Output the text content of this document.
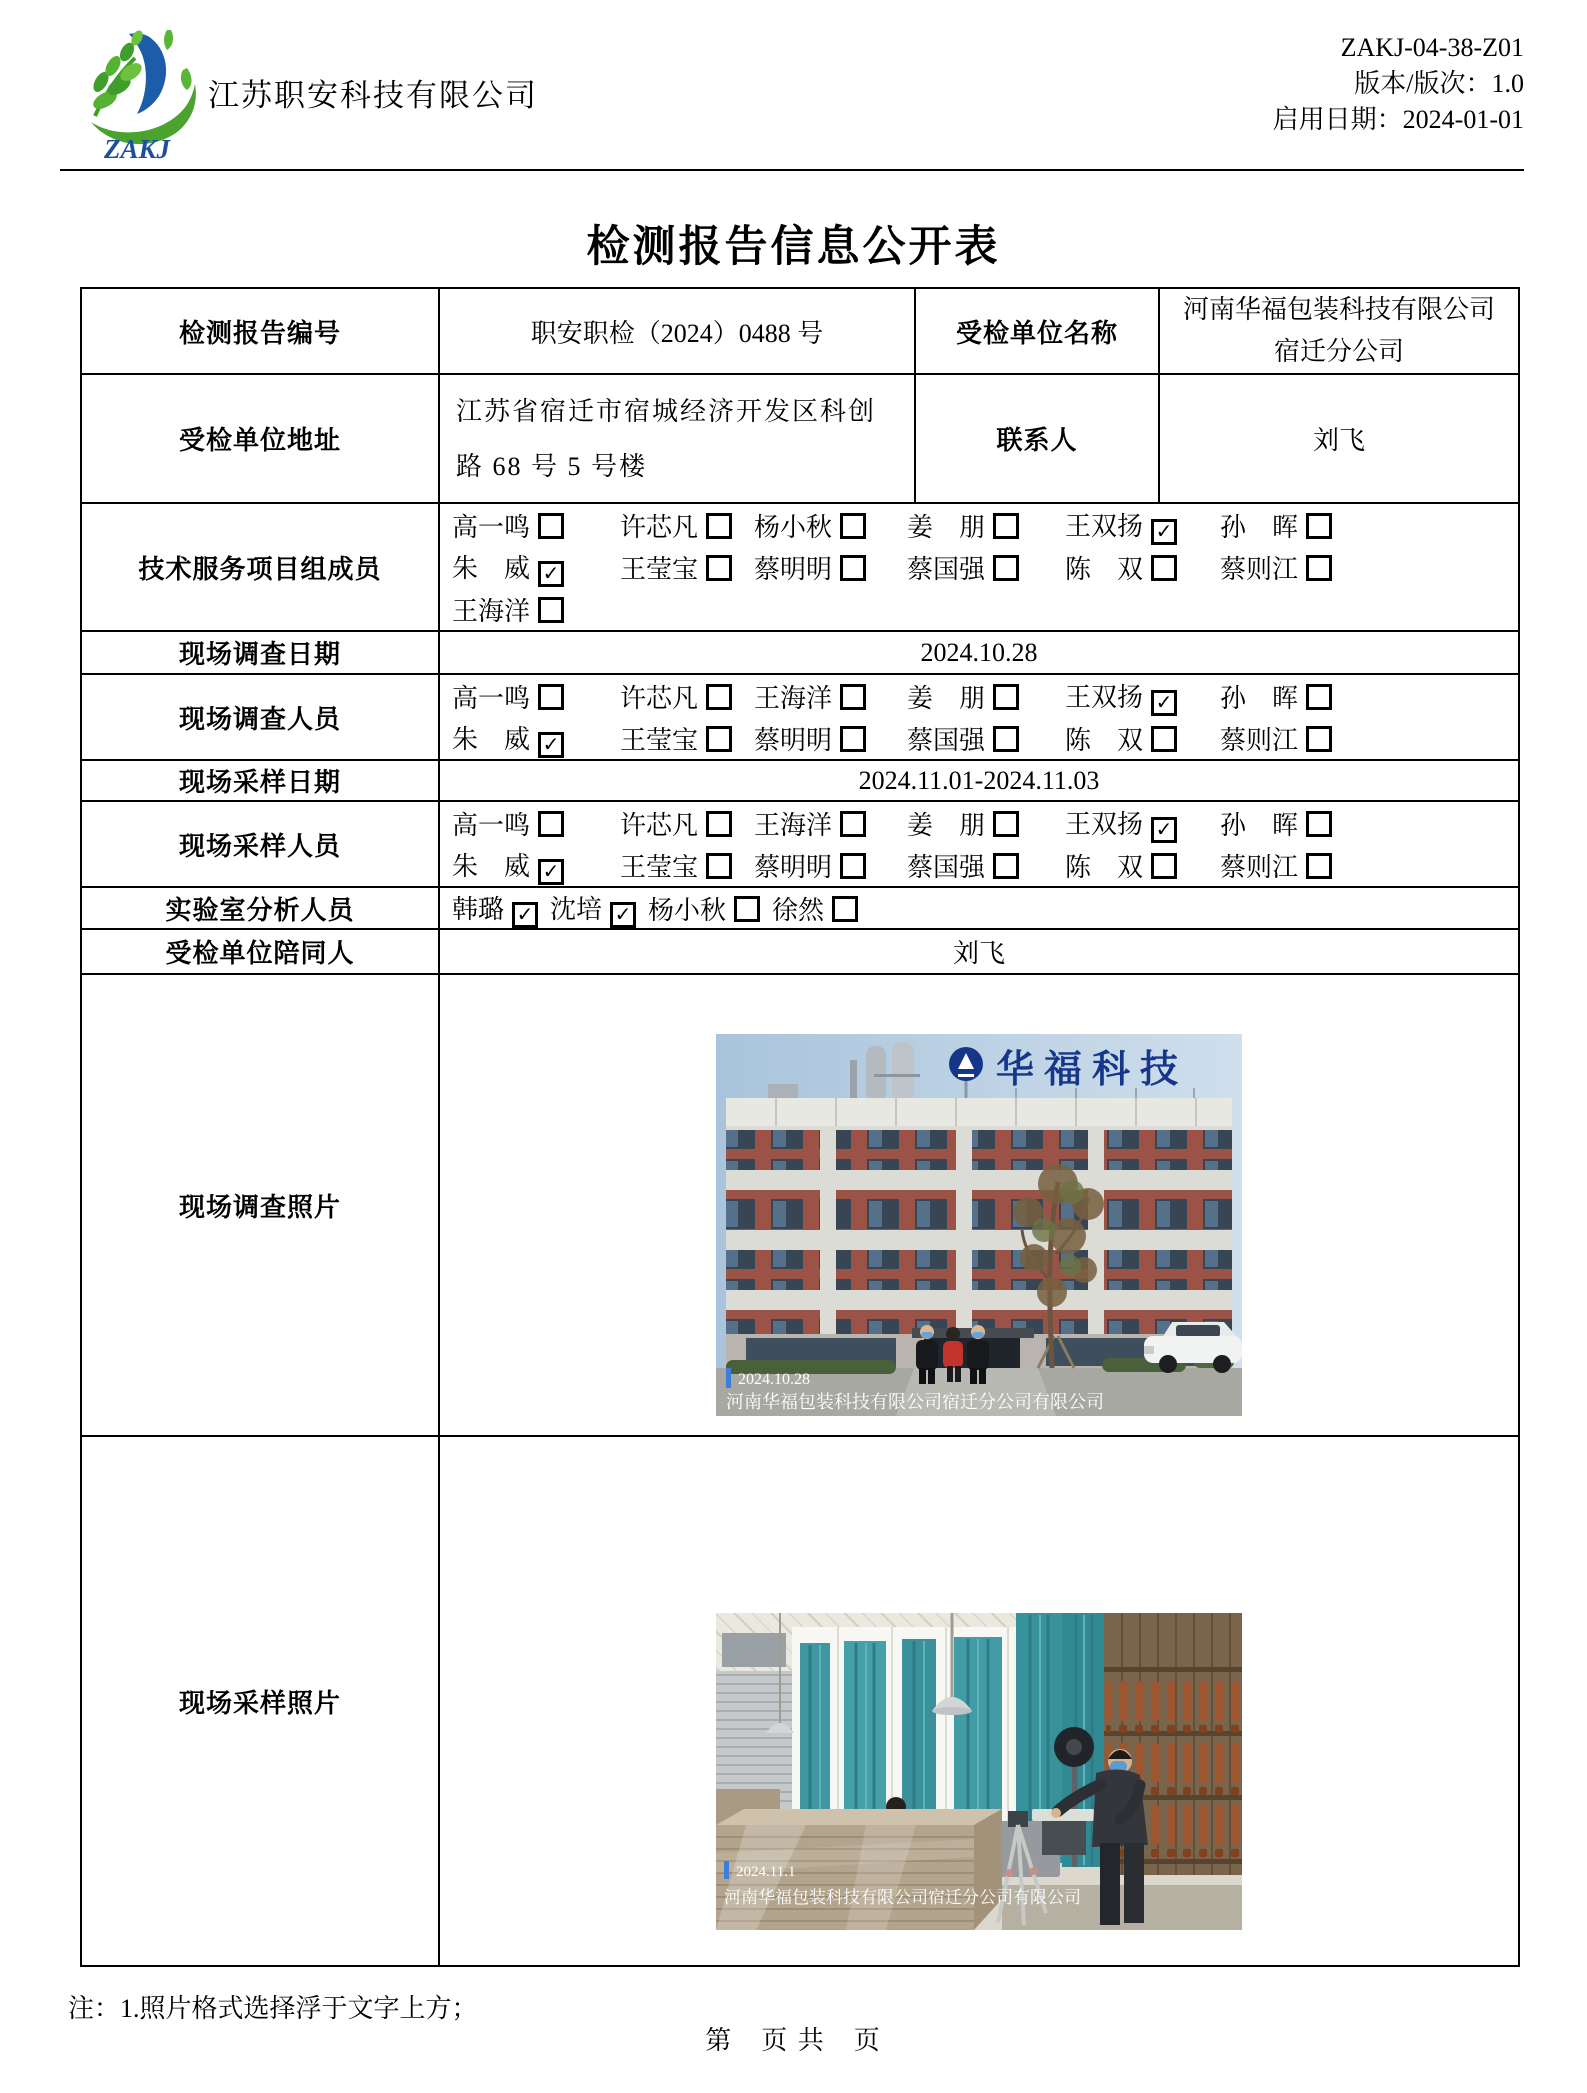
ZAKJ
江苏职安科技有限公司
ZAKJ-04-38-Z01
版本/版次：1.0
启用日期：2024-01-01
检测报告信息公开表
检测报告编号	职安职检（2024）0488 号	受检单位名称	河南华福包装科技有限公司宿迁分公司

受检单位地址	江苏省宿迁市宿城经济开发区科创路 68 号 5 号楼	联系人	刘飞
技术服务项目组成员	
高一鸣	许芯凡	杨小秋	姜　朋	王双扬 ✓	孙　晖
朱　威 ✓	王莹宝	蔡明明	蔡国强	陈　双	蔡则江
王海洋

现场调查日期	2024.10.28		
现场调查人员	
高一鸣	许芯凡	王海洋	姜　朋	王双扬 ✓	孙　晖
朱　威 ✓	王莹宝	蔡明明	蔡国强	陈　双	蔡则江

现场采样日期	2024.11.01-2024.11.03		
现场采样人员	
高一鸣	许芯凡	王海洋	姜　朋	王双扬 ✓	孙　晖
朱　威 ✓	王莹宝	蔡明明	蔡国强	陈　双	蔡则江

实验室分析人员	韩璐 ✓ 沈培 ✓ 杨小秋 徐然		

受检单位陪同人	刘飞		
现场调查照片	华福科技
2024.10.28
河南华福包装科技有限公司宿迁分公司有限公司		

现场采样照片	2024.11.1
河南华福包装科技有限公司宿迁分公司有限公司		
注：1.照片格式选择浮于文字上方；
第　页 共　页
